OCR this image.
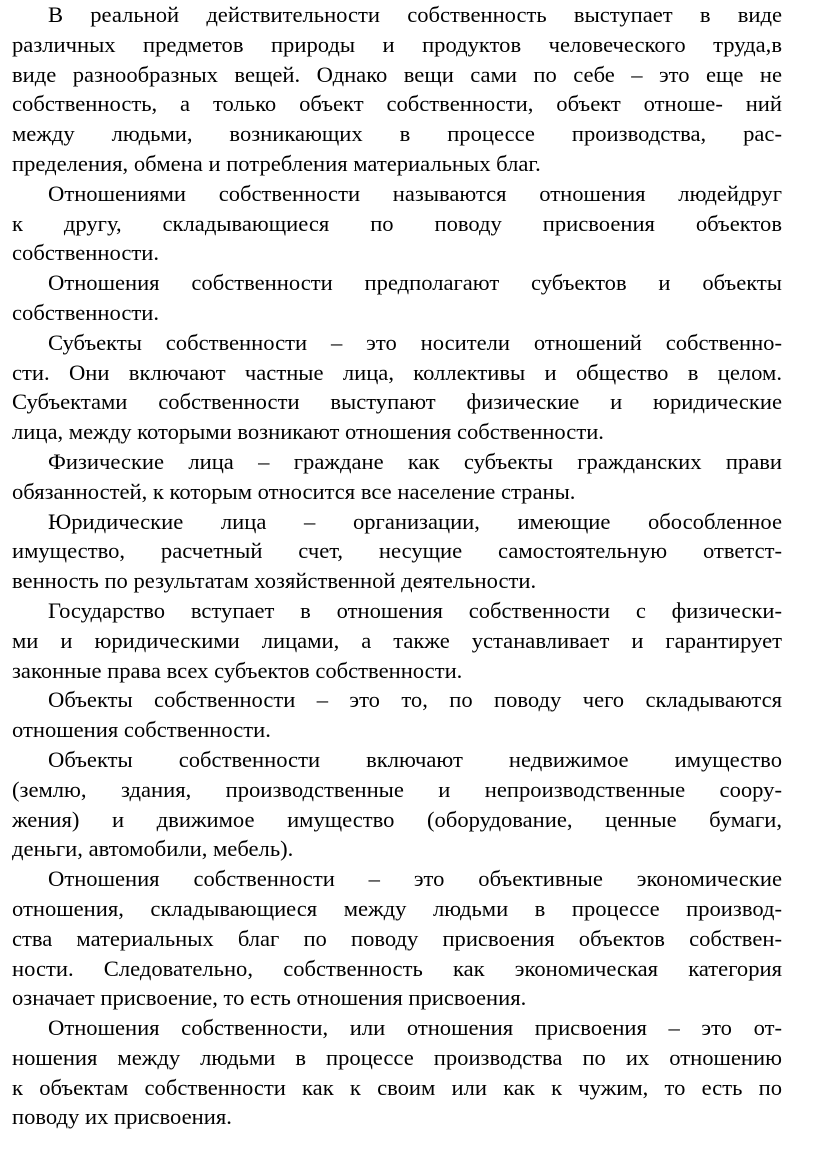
В реальной действительности собственность выступает в виде
различных предметов природы и продуктов человеческого труда,в
виде разнообразных вещей. Однако вещи сами по себе – это еще не
собственность, а только объект собственности, объект отноше- ний
между людьми, возникающих в процессе производства, рас-
пределения, обмена и потребления материальных благ.
Отношениями собственности называются отношения людейдруг
к другу, складывающиеся по поводу присвоения объектов
собственности.
Отношения собственности предполагают субъектов и объекты
собственности.
Субъекты собственности – это носители отношений собственно-
сти. Они включают частные лица, коллективы и общество в целом.
Субъектами собственности выступают физические и юридические
лица, между которыми возникают отношения собственности.
Физические лица – граждане как субъекты гражданских прави
обязанностей, к которым относится все население страны.
Юридические лица – организации, имеющие обособленное
имущество, расчетный счет, несущие самостоятельную ответст-
венность по результатам хозяйственной деятельности.
Государство вступает в отношения собственности с физически-
ми и юридическими лицами, а также устанавливает и гарантирует
законные права всех субъектов собственности.
Объекты собственности – это то, по поводу чего складываются
отношения собственности.
Объекты собственности включают недвижимое имущество
(землю, здания, производственные и непроизводственные соору-
жения) и движимое имущество (оборудование, ценные бумаги,
деньги, автомобили, мебель).
Отношения собственности – это объективные экономические
отношения, складывающиеся между людьми в процессе производ-
ства материальных благ по поводу присвоения объектов собствен-
ности. Следовательно, собственность как экономическая категория
означает присвоение, то есть отношения присвоения.
Отношения собственности, или отношения присвоения – это от-
ношения между людьми в процессе производства по их отношению
к объектам собственности как к своим или как к чужим, то есть по
поводу их присвоения.
